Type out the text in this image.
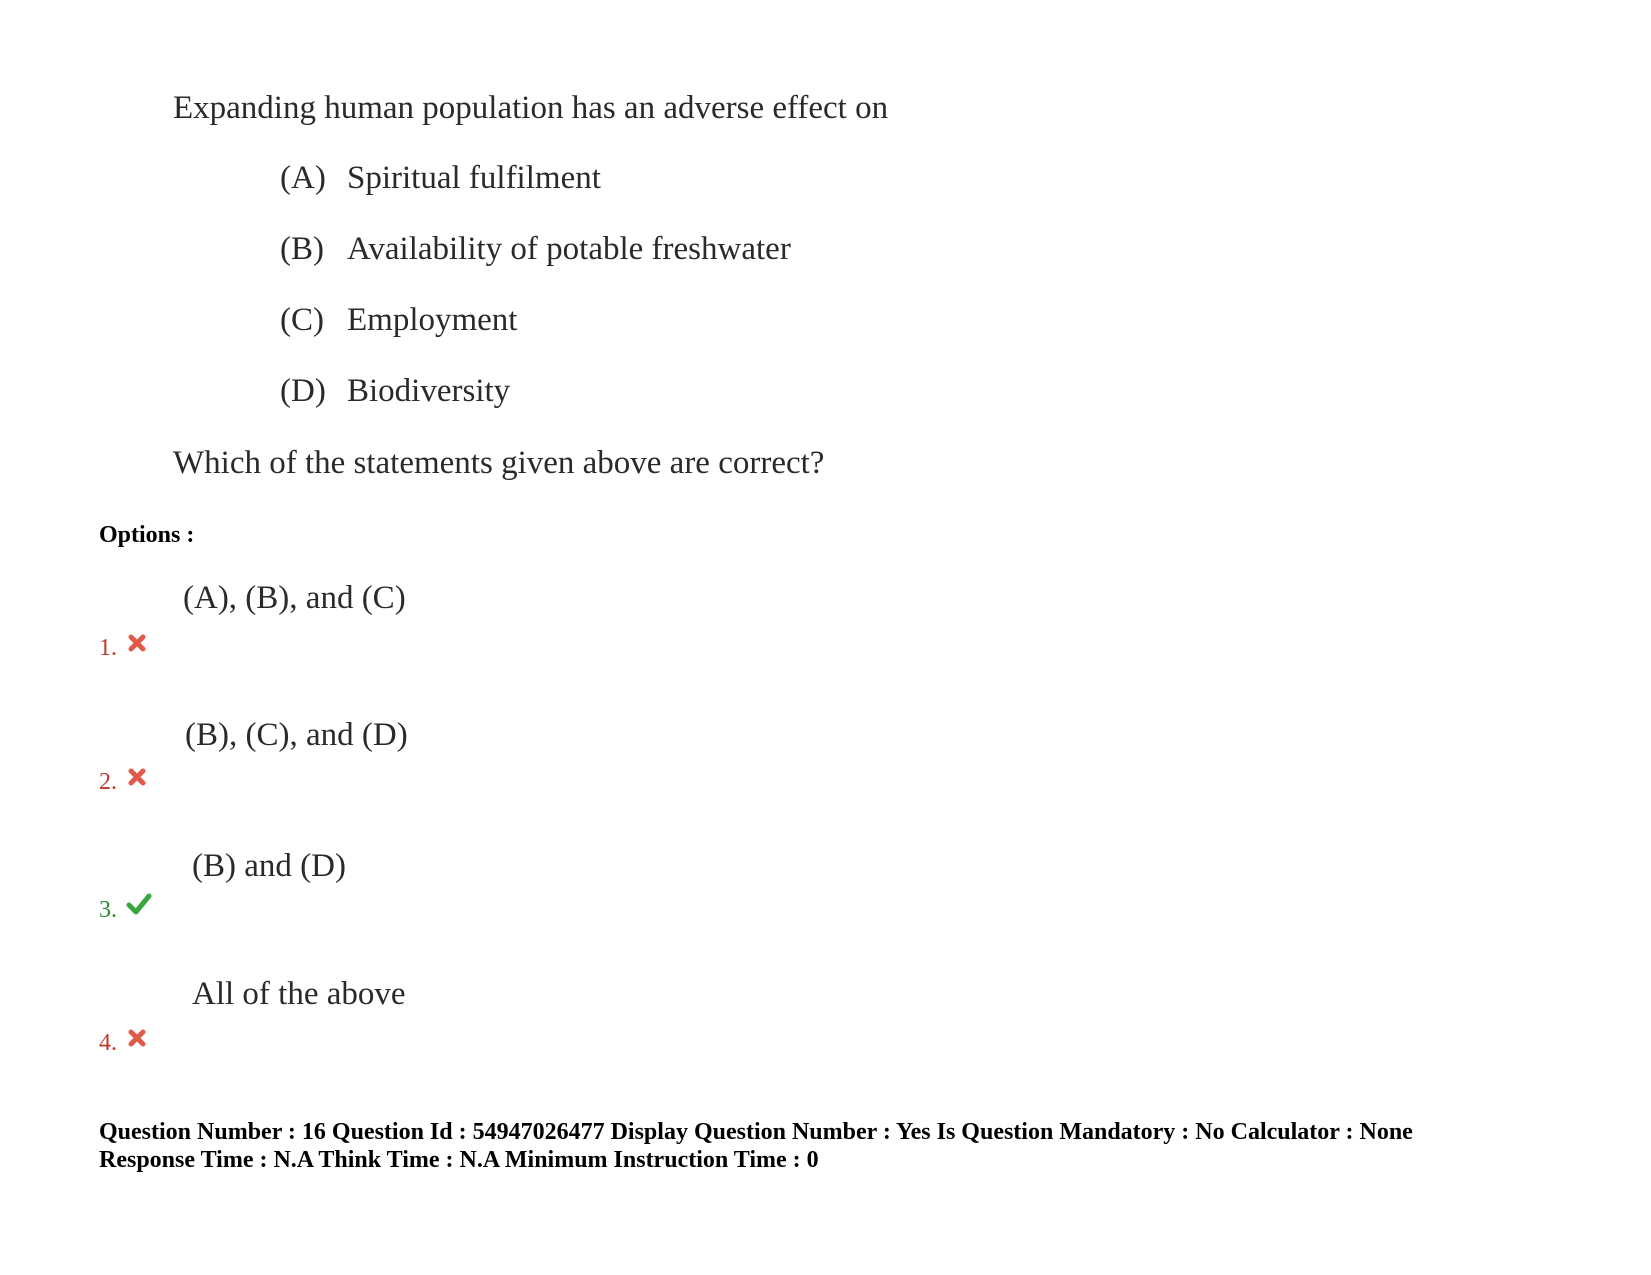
Expanding human population has an adverse effect on

(A) Spiritual fulfilment
(B) Availability of potable freshwater
(C) Employment
(D) Biodiversity
Which of the statements given above are correct?
Options :
(A), (B), and (C)
1.
(B), (C), and (D)
2.
(B) and (D)
3.
All of the above
4.
Question Number : 16 Question Id : 54947026477 Display Question Number : Yes Is Question Mandatory : No Calculator : None
Response Time : N.A Think Time : N.A Minimum Instruction Time : 0
